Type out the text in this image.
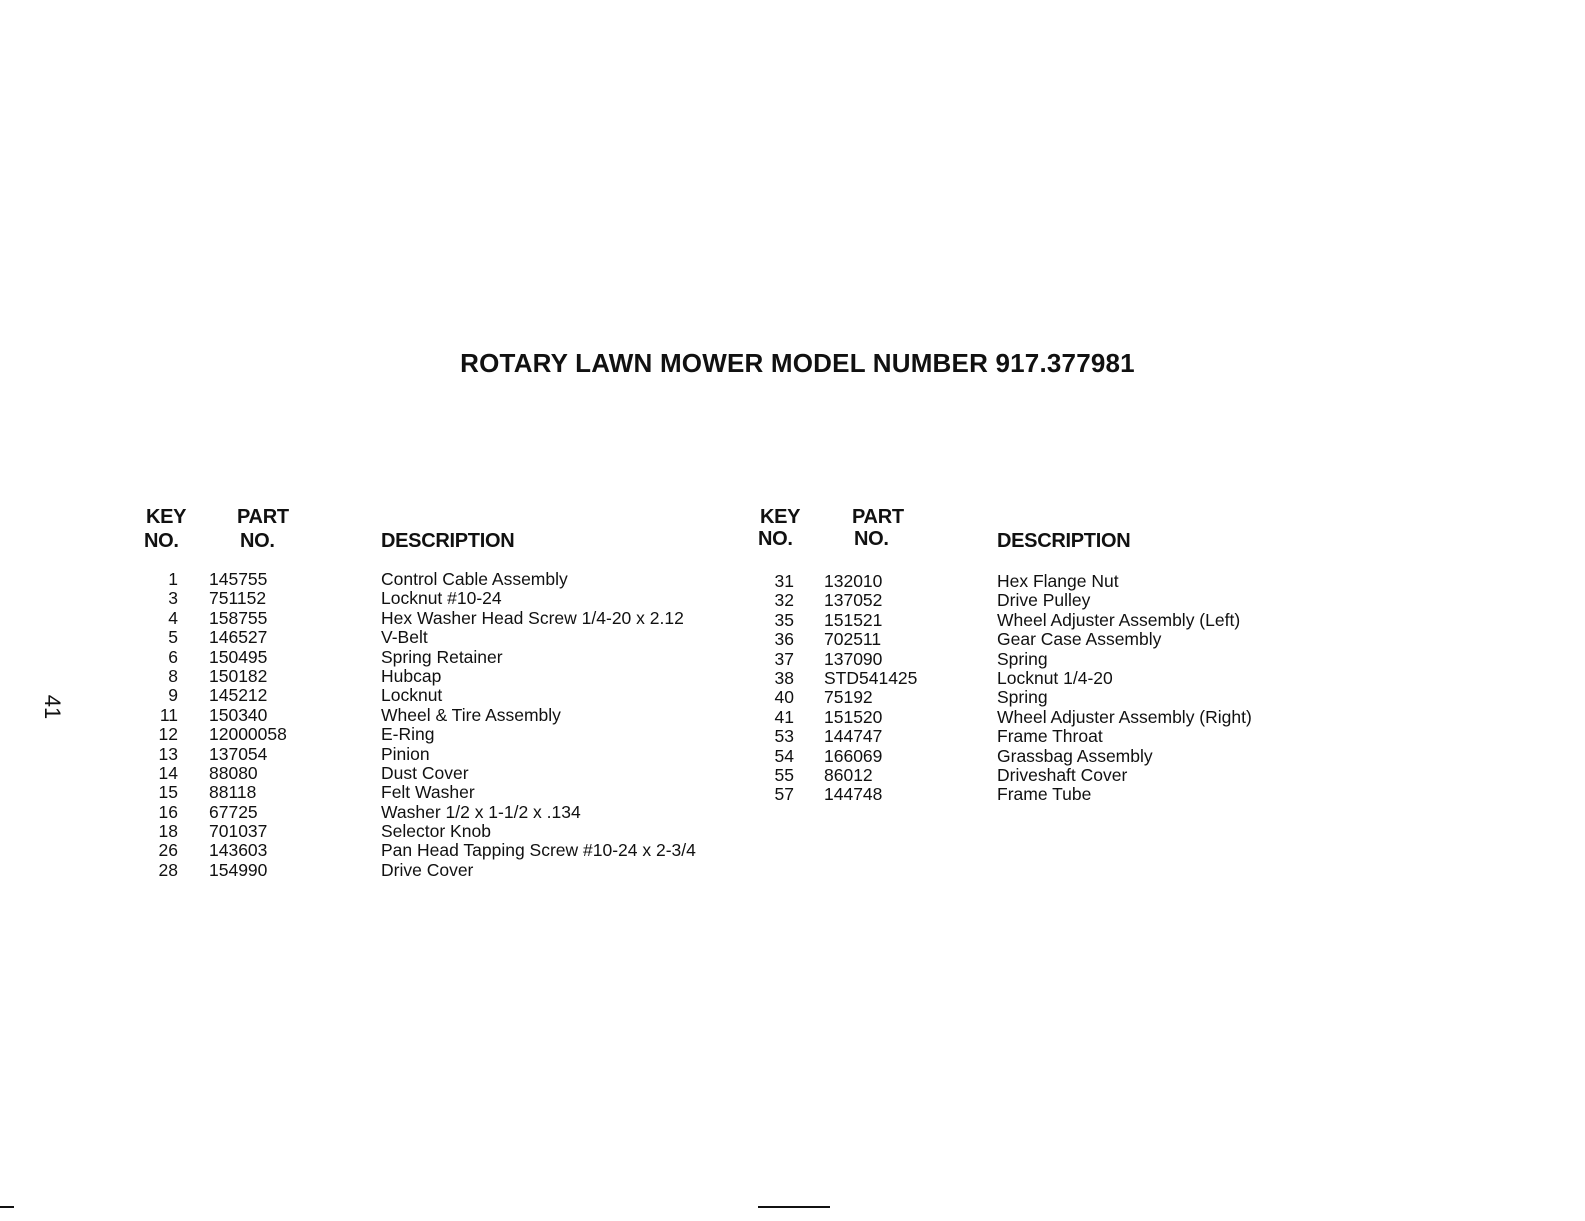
ROTARY LAWN MOWER MODEL NUMBER 917.377981
41
KEY
NO.
PART
NO.	DESCRIPTION
1 145755	Control Cable Assembly
3 751152	Locknut #10-24
4 158755	Hex Washer Head Screw 1/4-20 x 2.12
5 146527	V-Belt
6 150495	Spring Retainer
8 150182	Hubcap
9 145212	Locknut
11 150340	Wheel & Tire Assembly
12 12000058	E-Ring
13 137054	Pinion
14 88080	Dust Cover
15 88118	Felt Washer
16 67725	Washer 1/2 x 1-1/2 x .134
18 701037	Selector Knob
26 143603	Pan Head Tapping Screw #10-24 x 2-3/4
28 154990	Drive Cover
KEY
NO.
PART
NO.	DESCRIPTION
31 132010	Hex Flange Nut
32 137052	Drive Pulley
35 151521	Wheel Adjuster Assembly (Left)
36 702511	Gear Case Assembly
37 137090	Spring
38 STD541425	Locknut 1/4-20
40 75192	Spring
41 151520	Wheel Adjuster Assembly (Right)
53 144747	Frame Throat
54 166069	Grassbag Assembly
55 86012	Driveshaft Cover
57 144748	Frame Tube
